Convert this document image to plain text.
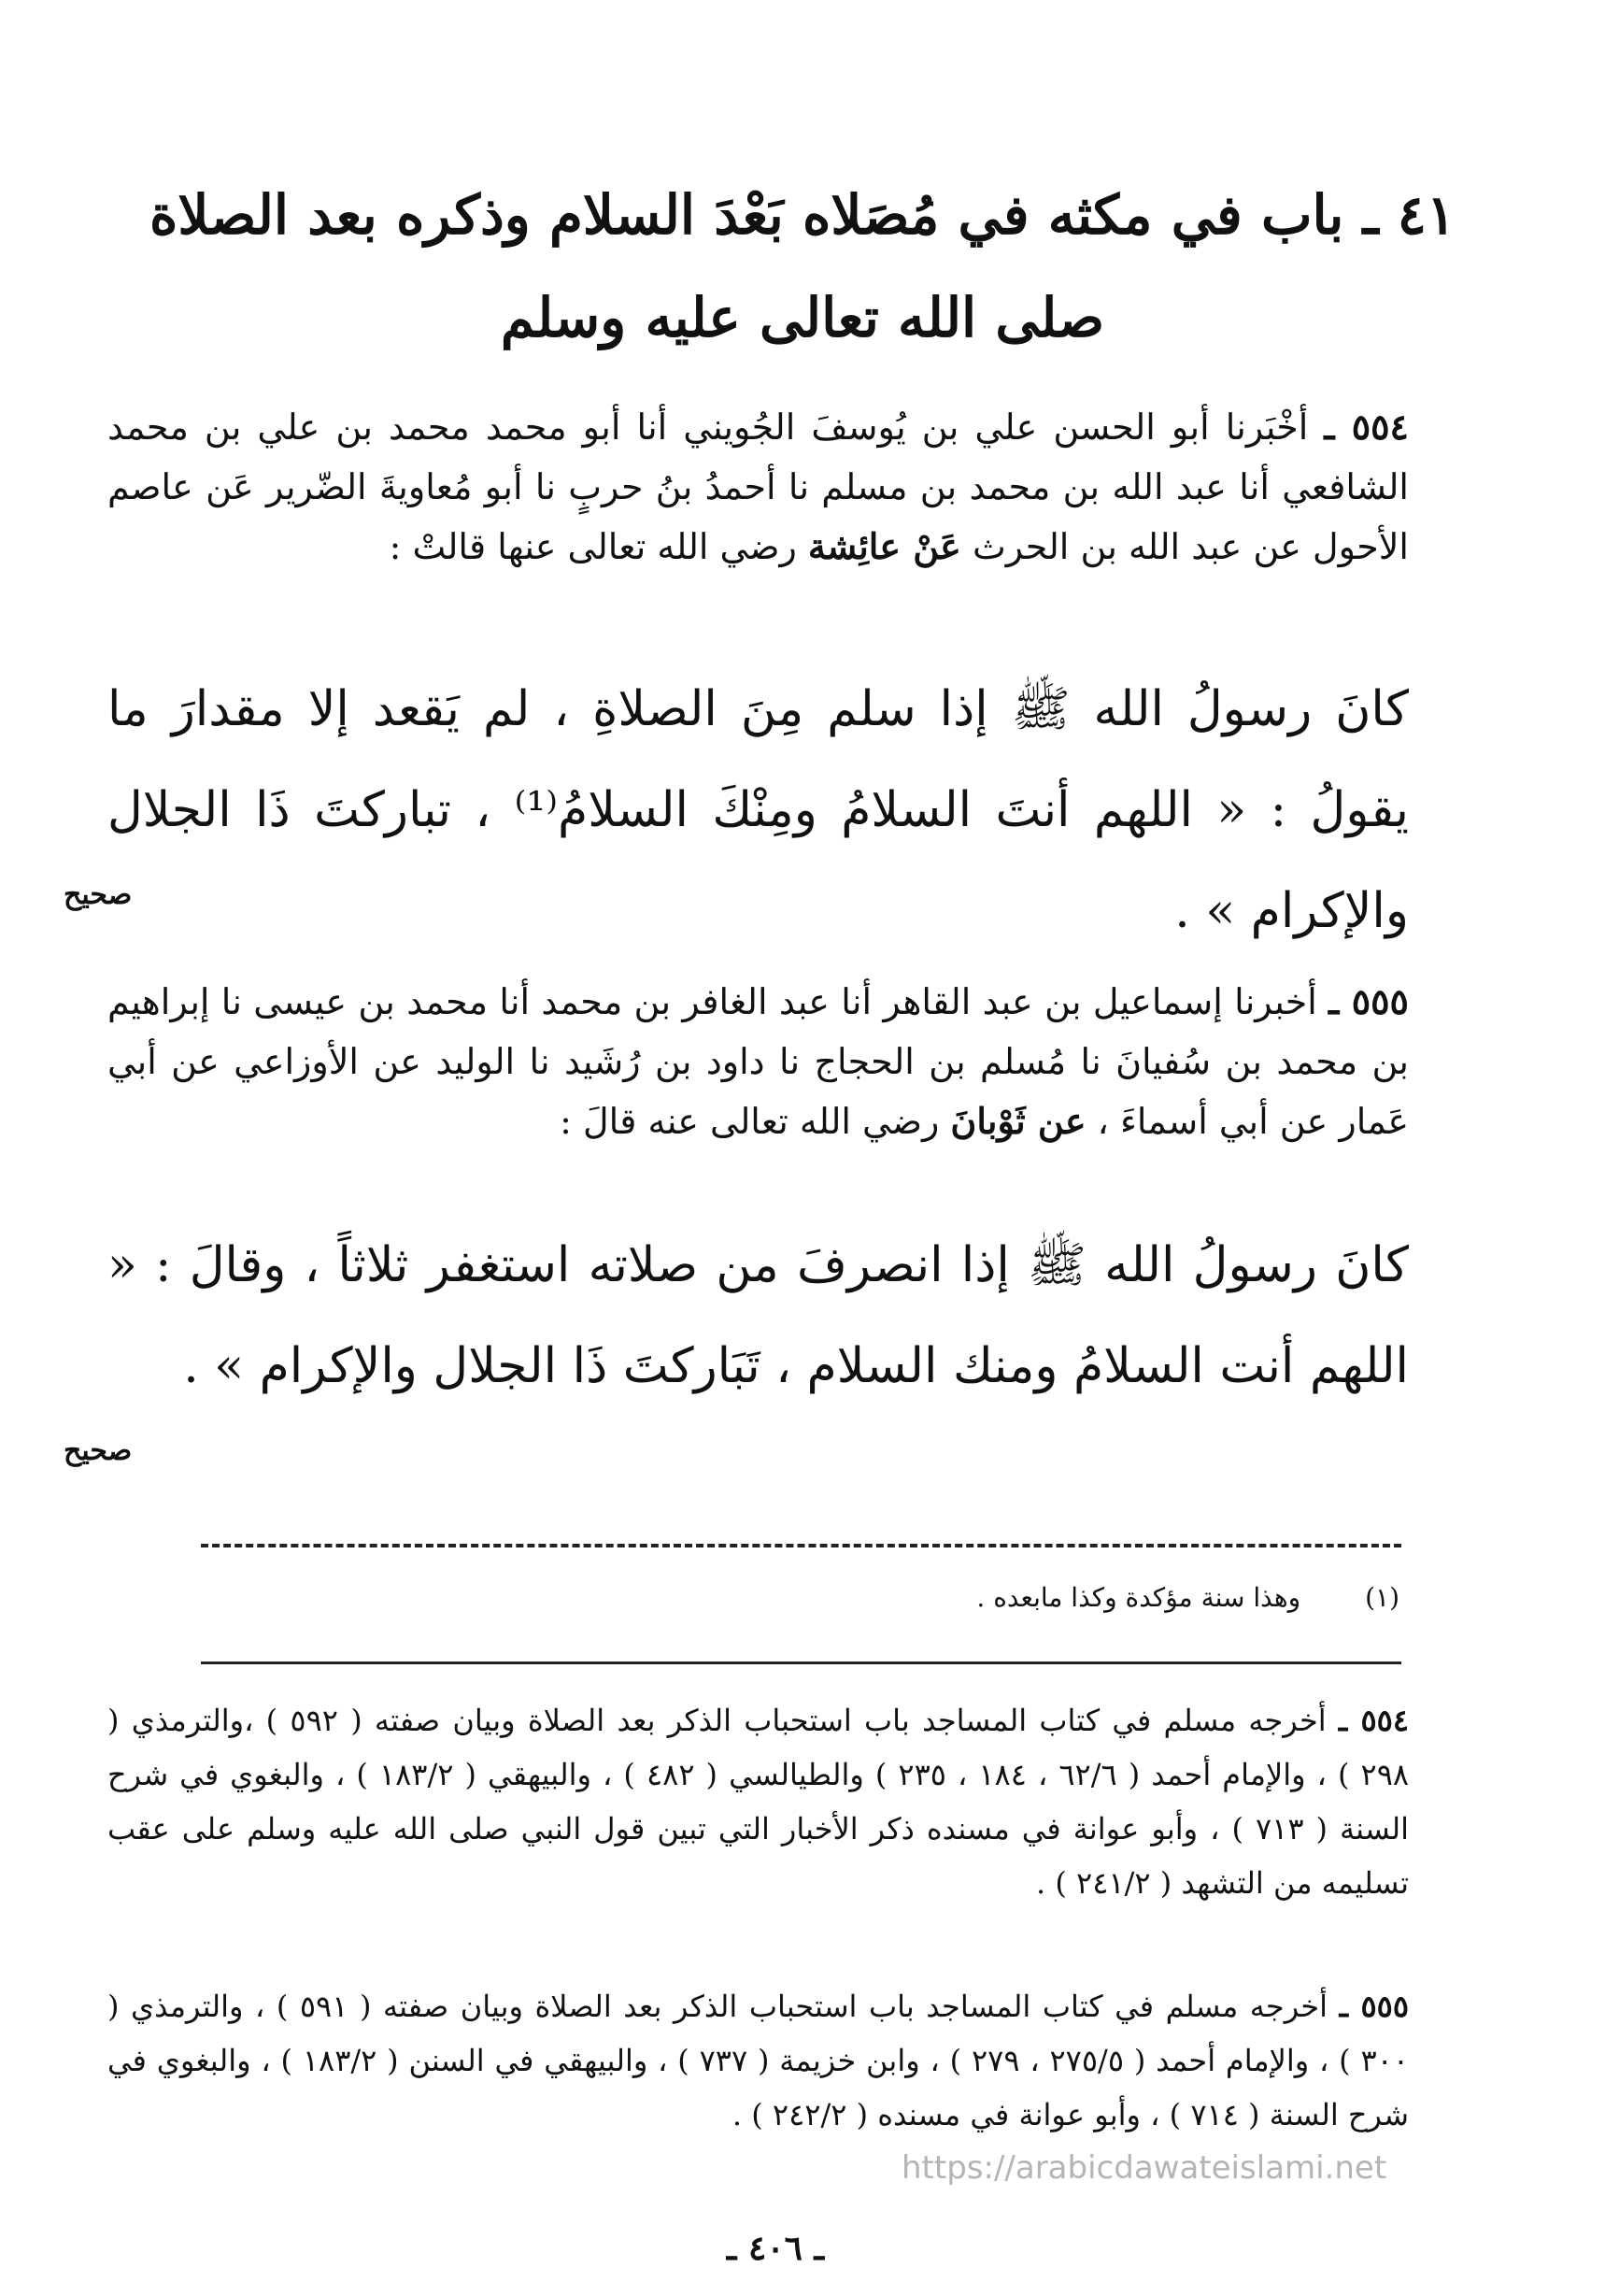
٤١ ـ باب في مكثه في مُصَلاه بَعْدَ السلام وذكره بعد الصلاة
صلى الله تعالى عليه وسلم
٥٥٤ ـ أخْبَرنا أبو الحسن علي بن يُوسفَ الجُويني أنا أبو محمد محمد بن علي بن محمد الشافعي أنا عبد الله بن محمد بن مسلم نا أحمدُ بنُ حربٍ نا أبو مُعاويةَ الضّرير عَن عاصم الأحول عن عبد الله بن الحرث عَنْ عائِشة رضي الله تعالى عنها قالتْ :
كانَ رسولُ الله ﷺ إذا سلم مِنَ الصلاةِ ، لم يَقعد إلا مقدارَ ما يقولُ : « اللهم أنتَ السلامُ ومِنْكَ السلامُ⁽¹⁾ ، تباركتَ ذَا الجلال والإكرام » .
صحيح
٥٥٥ ـ أخبرنا إسماعيل بن عبد القاهر أنا عبد الغافر بن محمد أنا محمد بن عيسى نا إبراهيم بن محمد بن سُفيانَ نا مُسلم بن الحجاج نا داود بن رُشَيد نا الوليد عن الأوزاعي عن أبي عَمار عن أبي أسماءَ ، عن ثَوْبانَ رضي الله تعالى عنه قالَ :
كانَ رسولُ الله ﷺ إذا انصرفَ من صلاته استغفر ثلاثاً ، وقالَ : « اللهم أنت السلامُ ومنك السلام ، تَبَاركتَ ذَا الجلال والإكرام » .
صحيح
(١) وهذا سنة مؤكدة وكذا مابعده .
٥٥٤ ـ أخرجه مسلم في كتاب المساجد باب استحباب الذكر بعد الصلاة وبيان صفته ( ٥٩٢ ) ،والترمذي ( ٢٩٨ ) ، والإمام أحمد ( ٦٢/٦ ، ١٨٤ ، ٢٣٥ ) والطيالسي ( ٤٨٢ ) ، والبيهقي ( ١٨٣/٢ ) ، والبغوي في شرح السنة ( ٧١٣ ) ، وأبو عوانة في مسنده ذكر الأخبار التي تبين قول النبي صلى الله عليه وسلم على عقب تسليمه من التشهد ( ٢٤١/٢ ) .
٥٥٥ ـ أخرجه مسلم في كتاب المساجد باب استحباب الذكر بعد الصلاة وبيان صفته ( ٥٩١ ) ، والترمذي ( ٣٠٠ ) ، والإمام أحمد ( ٢٧٥/٥ ، ٢٧٩ ) ، وابن خزيمة ( ٧٣٧ ) ، والبيهقي في السنن ( ١٨٣/٢ ) ، والبغوي في شرح السنة ( ٧١٤ ) ، وأبو عوانة في مسنده ( ٢٤٢/٢ ) .
https://arabicdawateislami.net
ـ ٤٠٦ ـ
